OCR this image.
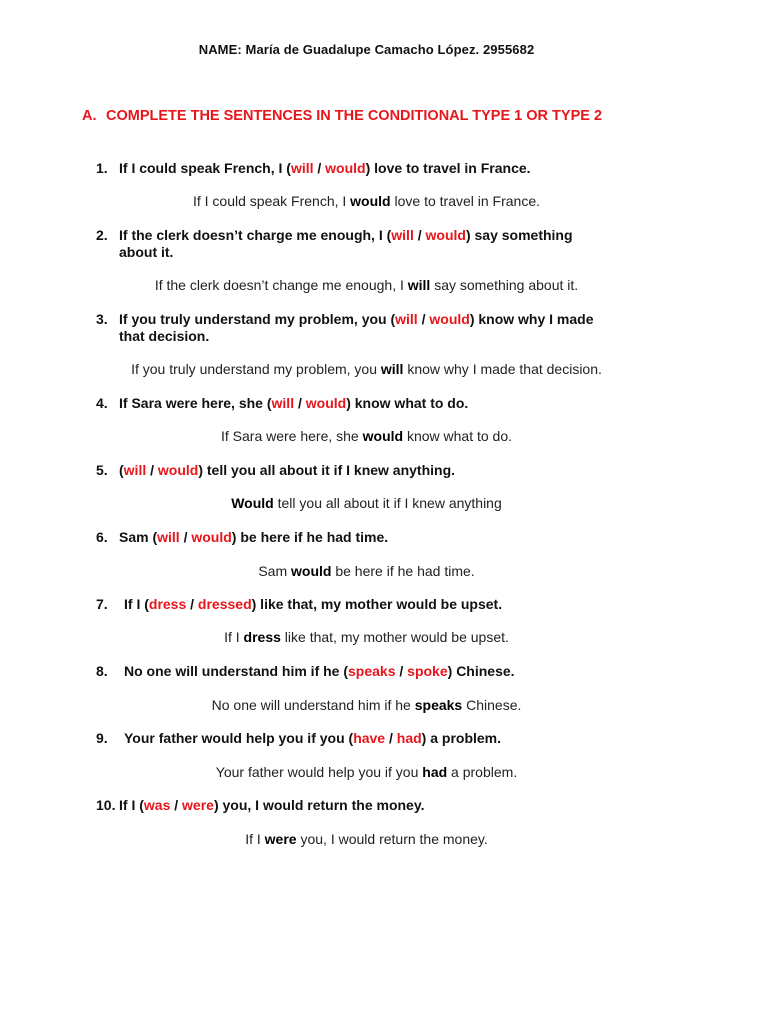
NAME: María de Guadalupe Camacho López. 2955682
A. COMPLETE THE SENTENCES IN THE CONDITIONAL TYPE 1 OR TYPE 2
1. If I could speak French, I (will / would) love to travel in France.
If I could speak French, I would love to travel in France.
2. If the clerk doesn’t charge me enough, I (will / would) say something
about it.
If the clerk doesn’t change me enough, I will say something about it.
3. If you truly understand my problem, you (will / would) know why I made
that decision.
If you truly understand my problem, you will know why I made that decision.
4. If Sara were here, she (will / would) know what to do.
If Sara were here, she would know what to do.
5. (will / would) tell you all about it if I knew anything.
Would tell you all about it if I knew anything
6. Sam (will / would) be here if he had time.
Sam would be here if he had time.
7. If I (dress / dressed) like that, my mother would be upset.
If I dress like that, my mother would be upset.
8. No one will understand him if he (speaks / spoke) Chinese.
No one will understand him if he speaks Chinese.
9. Your father would help you if you (have / had) a problem.
Your father would help you if you had a problem.
10. If I (was / were) you, I would return the money.
If I were you, I would return the money.
